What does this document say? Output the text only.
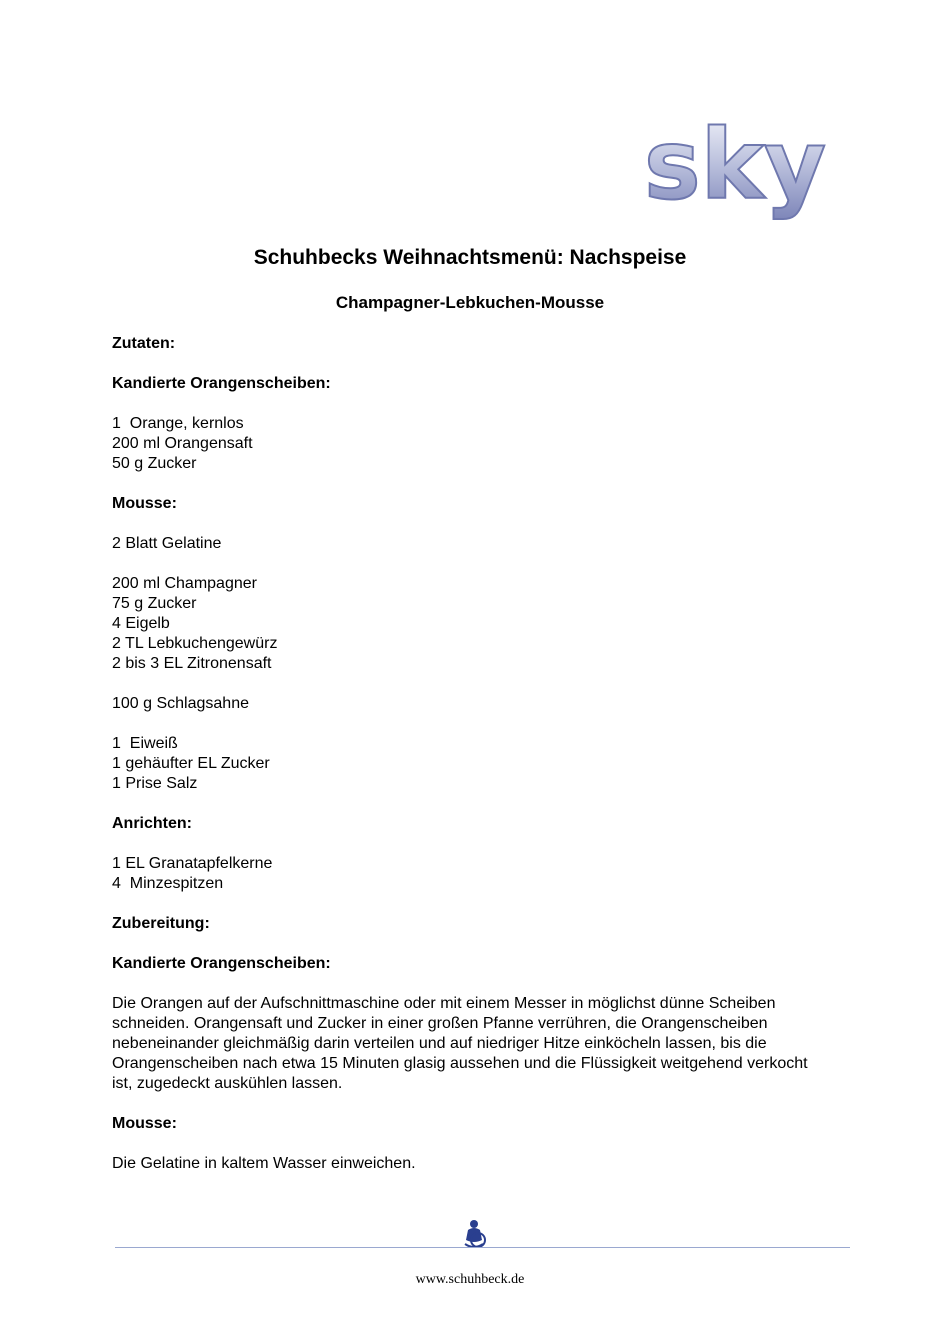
sky
Schuhbecks Weihnachtsmenü: Nachspeise
Champagner-Lebkuchen-Mousse
Zutaten:
Kandierte Orangenscheiben:
1  Orange, kernlos
200 ml Orangensaft
50 g Zucker
Mousse:
2 Blatt Gelatine
200 ml Champagner
75 g Zucker
4 Eigelb
2 TL Lebkuchengewürz
2 bis 3 EL Zitronensaft
100 g Schlagsahne
1  Eiweiß
1 gehäufter EL Zucker
1 Prise Salz
Anrichten:
1 EL Granatapfelkerne
4  Minzespitzen
Zubereitung:
Kandierte Orangenscheiben:

Die Orangen auf der Aufschnittmaschine oder mit einem Messer in möglichst dünne Scheiben schneiden. Orangensaft und Zucker in einer großen Pfanne verrühren, die Orangenscheiben nebeneinander gleichmäßig darin verteilen und auf niedriger Hitze einköcheln lassen, bis die Orangenscheiben nach etwa 15 Minuten glasig aussehen und die Flüssigkeit weitgehend verkocht ist, zugedeckt auskühlen lassen.

Mousse:

Die Gelatine in kaltem Wasser einweichen.

www.schuhbeck.de
